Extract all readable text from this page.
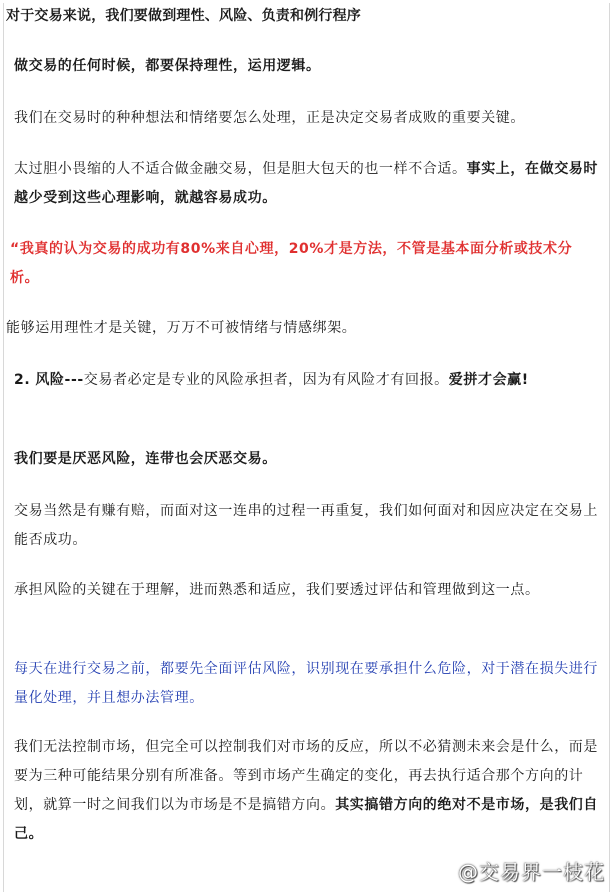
对于交易来说，我们要做到理性、风险、负责和例行程序

做交易的任何时候，都要保持理性，运用逻辑。

我们在交易时的种种想法和情绪要怎么处理，正是决定交易者成败的重要关键。

太过胆小畏缩的人不适合做金融交易，但是胆大包天的也一样不合适。事实上，在做交易时越少受到这些心理影响，就越容易成功。

“我真的认为交易的成功有80%来自心理，20%才是方法，不管是基本面分析或技术分析。

能够运用理性才是关键，万万不可被情绪与情感绑架。

2. 风险---交易者必定是专业的风险承担者，因为有风险才有回报。爱拼才会赢!

我们要是厌恶风险，连带也会厌恶交易。

交易当然是有赚有赔，而面对这一连串的过程一再重复，我们如何面对和因应决定在交易上能否成功。

承担风险的关键在于理解，进而熟悉和适应，我们要透过评估和管理做到这一点。

每天在进行交易之前，都要先全面评估风险，识别现在要承担什么危险，对于潜在损失进行量化处理，并且想办法管理。

我们无法控制市场，但完全可以控制我们对市场的反应，所以不必猜测未来会是什么，而是要为三种可能结果分别有所准备。等到市场产生确定的变化，再去执行适合那个方向的计划，就算一时之间我们以为市场是不是搞错方向。其实搞错方向的绝对不是市场，是我们自己。

@交易界一枝花
